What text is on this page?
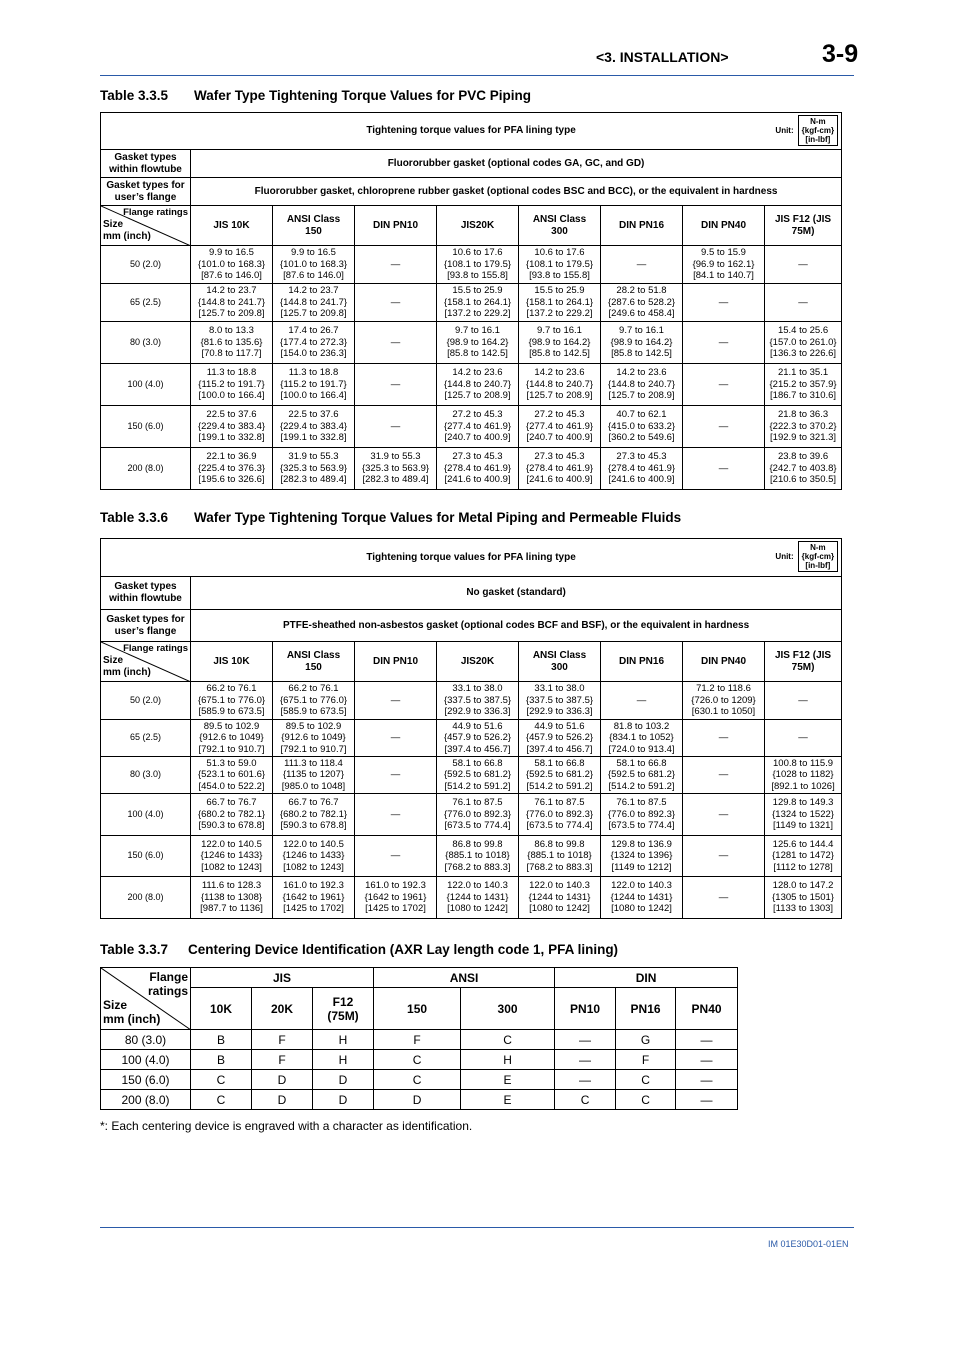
<3. INSTALLATION>	3-9
Table 3.3.5 Wafer Type Tightening Torque Values for PVC Piping
Tightening torque values for PFA lining type Unit:
N-m
{kgf-cm}
[in-lbf]								

Gasket types within flowtube	Fluororubber gasket (optional codes GA, GC, and GD)							
Gasket types for user’s flange	Fluororubber gasket, chloroprene rubber gasket (optional codes BSC and BCC), or the equivalent in hardness							

Flange ratings
Size
mm (inch)	JIS 10K	ANSI Class 150	DIN PN10	JIS20K	ANSI Class 300	DIN PN16	DIN PN40	JIS F12 (JIS 75M)
50 (2.0)	9.9 to 16.5
{101.0 to 168.3}
[87.6 to 146.0]	9.9 to 16.5
{101.0 to 168.3}
[87.6 to 146.0]	—	10.6 to 17.6
{108.1 to 179.5}
[93.8 to 155.8]	10.6 to 17.6
{108.1 to 179.5}
[93.8 to 155.8]	—	9.5 to 15.9
{96.9 to 162.1}
[84.1 to 140.7]	—

65 (2.5)	14.2 to 23.7
{144.8 to 241.7}
[125.7 to 209.8]	14.2 to 23.7
{144.8 to 241.7}
[125.7 to 209.8]	—	15.5 to 25.9
{158.1 to 264.1}
[137.2 to 229.2]	15.5 to 25.9
{158.1 to 264.1}
[137.2 to 229.2]	28.2 to 51.8
{287.6 to 528.2}
[249.6 to 458.4]	—	—

80 (3.0)	8.0 to 13.3
{81.6 to 135.6}
[70.8 to 117.7]	17.4 to 26.7
{177.4 to 272.3}
[154.0 to 236.3]	—	9.7 to 16.1
{98.9 to 164.2}
[85.8 to 142.5]	9.7 to 16.1
{98.9 to 164.2}
[85.8 to 142.5]	9.7 to 16.1
{98.9 to 164.2}
[85.8 to 142.5]	—	15.4 to 25.6
{157.0 to 261.0}
[136.3 to 226.6]

100 (4.0)	11.3 to 18.8
{115.2 to 191.7}
[100.0 to 166.4]	11.3 to 18.8
{115.2 to 191.7}
[100.0 to 166.4]	—	14.2 to 23.6
{144.8 to 240.7}
[125.7 to 208.9]	14.2 to 23.6
{144.8 to 240.7}
[125.7 to 208.9]	14.2 to 23.6
{144.8 to 240.7}
[125.7 to 208.9]	—	21.1 to 35.1
{215.2 to 357.9}
[186.7 to 310.6]

150 (6.0)	22.5 to 37.6
{229.4 to 383.4}
[199.1 to 332.8]	22.5 to 37.6
{229.4 to 383.4}
[199.1 to 332.8]	—	27.2 to 45.3
{277.4 to 461.9}
[240.7 to 400.9]	27.2 to 45.3
{277.4 to 461.9}
[240.7 to 400.9]	40.7 to 62.1
{415.0 to 633.2}
[360.2 to 549.6]	—	21.8 to 36.3
{222.3 to 370.2}
[192.9 to 321.3]

200 (8.0)	22.1 to 36.9
{225.4 to 376.3}
[195.6 to 326.6]	31.9 to 55.3
{325.3 to 563.9}
[282.3 to 489.4]	31.9 to 55.3
{325.3 to 563.9}
[282.3 to 489.4]	27.3 to 45.3
{278.4 to 461.9}
[241.6 to 400.9]	27.3 to 45.3
{278.4 to 461.9}
[241.6 to 400.9]	27.3 to 45.3
{278.4 to 461.9}
[241.6 to 400.9]	—	23.8 to 39.6
{242.7 to 403.8}
[210.6 to 350.5]
Table 3.3.6 Wafer Type Tightening Torque Values for Metal Piping and Permeable Fluids
Tightening torque values for PFA lining type Unit:
N-m
{kgf-cm}
[in-lbf]								

Gasket types within flowtube	No gasket (standard)							
Gasket types for user’s flange	PTFE-sheathed non-asbestos gasket (optional codes BCF and BSF), or the equivalent in hardness							

Flange ratings
Size
mm (inch)	JIS 10K	ANSI Class 150	DIN PN10	JIS20K	ANSI Class 300	DIN PN16	DIN PN40	JIS F12 (JIS 75M)
50 (2.0)	66.2 to 76.1
{675.1 to 776.0}
[585.9 to 673.5]	66.2 to 76.1
{675.1 to 776.0}
[585.9 to 673.5]	—	33.1 to 38.0
{337.5 to 387.5}
[292.9 to 336.3]	33.1 to 38.0
{337.5 to 387.5}
[292.9 to 336.3]	—	71.2 to 118.6
{726.0 to 1209}
[630.1 to 1050]	—

65 (2.5)	89.5 to 102.9
{912.6 to 1049}
[792.1 to 910.7]	89.5 to 102.9
{912.6 to 1049}
[792.1 to 910.7]	—	44.9 to 51.6
{457.9 to 526.2}
[397.4 to 456.7]	44.9 to 51.6
{457.9 to 526.2}
[397.4 to 456.7]	81.8 to 103.2
{834.1 to 1052}
[724.0 to 913.4]	—	—

80 (3.0)	51.3 to 59.0
{523.1 to 601.6}
[454.0 to 522.2]	111.3 to 118.4
{1135 to 1207}
[985.0 to 1048]	—	58.1 to 66.8
{592.5 to 681.2}
[514.2 to 591.2]	58.1 to 66.8
{592.5 to 681.2}
[514.2 to 591.2]	58.1 to 66.8
{592.5 to 681.2}
[514.2 to 591.2]	—	100.8 to 115.9
{1028 to 1182}
[892.1 to 1026]

100 (4.0)	66.7 to 76.7
{680.2 to 782.1}
[590.3 to 678.8]	66.7 to 76.7
{680.2 to 782.1}
[590.3 to 678.8]	—	76.1 to 87.5
{776.0 to 892.3}
[673.5 to 774.4]	76.1 to 87.5
{776.0 to 892.3}
[673.5 to 774.4]	76.1 to 87.5
{776.0 to 892.3}
[673.5 to 774.4]	—	129.8 to 149.3
{1324 to 1522}
[1149 to 1321]

150 (6.0)	122.0 to 140.5
{1246 to 1433}
[1082 to 1243]	122.0 to 140.5
{1246 to 1433}
[1082 to 1243]	—	86.8 to 99.8
{885.1 to 1018}
[768.2 to 883.3]	86.8 to 99.8
{885.1 to 1018}
[768.2 to 883.3]	129.8 to 136.9
{1324 to 1396}
[1149 to 1212]	—	125.6 to 144.4
{1281 to 1472}
[1112 to 1278]

200 (8.0)	111.6 to 128.3
{1138 to 1308}
[987.7 to 1136]	161.0 to 192.3
{1642 to 1961}
[1425 to 1702]	161.0 to 192.3
{1642 to 1961}
[1425 to 1702]	122.0 to 140.3
{1244 to 1431}
[1080 to 1242]	122.0 to 140.3
{1244 to 1431}
[1080 to 1242]	122.0 to 140.3
{1244 to 1431}
[1080 to 1242]	—	128.0 to 147.2
{1305 to 1501}
[1133 to 1303]
Table 3.3.7 Centering Device Identification (AXR Lay length code 1, PFA lining)
Flange
ratings
Size
mm (inch)	JIS			ANSI		DIN		
	10K	20K	F12 (75M)	150	300	PN10	PN16	PN40
80 (3.0)	B	F	H	F	C	—	G	—
100 (4.0)	B	F	H	C	H	—	F	—
150 (6.0)	C	D	D	C	E	—	C	—
200 (8.0)	C	D	D	D	E	C	C	—
*: Each centering device is engraved with a character as identification.
IM 01E30D01-01EN
